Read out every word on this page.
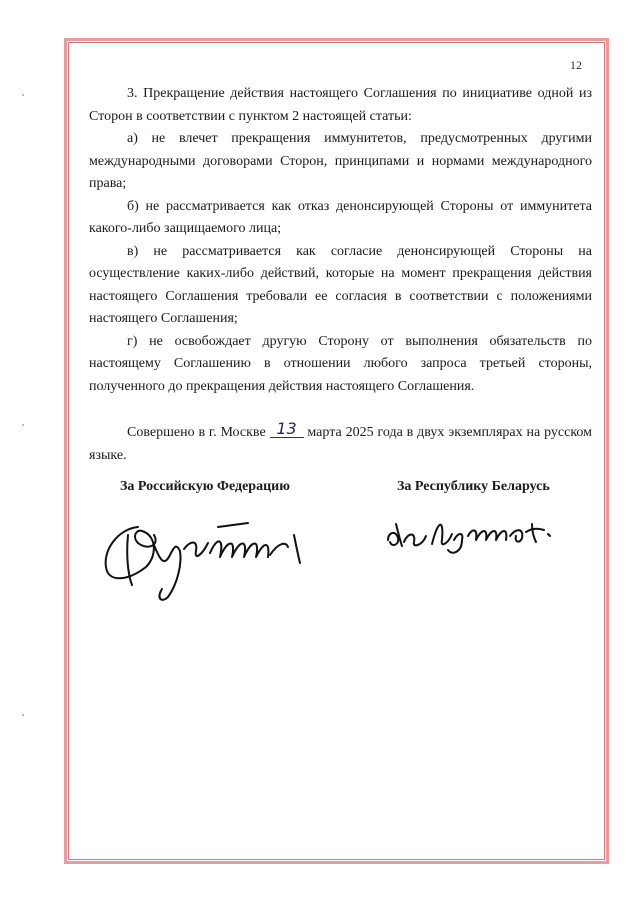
12

3. Прекращение действия настоящего Соглашения по инициативе одной из Сторон в соответствии с пунктом 2 настоящей статьи:

а) не влечет прекращения иммунитетов, предусмотренных другими международными договорами Сторон, принципами и нормами международного права;

б) не рассматривается как отказ денонсирующей Стороны от иммунитета какого-либо защищаемого лица;

в) не рассматривается как согласие денонсирующей Стороны на осуществление каких-либо действий, которые на момент прекращения действия настоящего Соглашения требовали ее согласия в соответствии с положениями настоящего Соглашения;

г) не освобождает другую Сторону от выполнения обязательств по настоящему Соглашению в отношении любого запроса третьей стороны, полученного до прекращения действия настоящего Соглашения.

Совершено в г. Москве 13 марта 2025 года в двух экземплярах на русском языке.

За Российскую Федерацию	За Республику Беларусь
